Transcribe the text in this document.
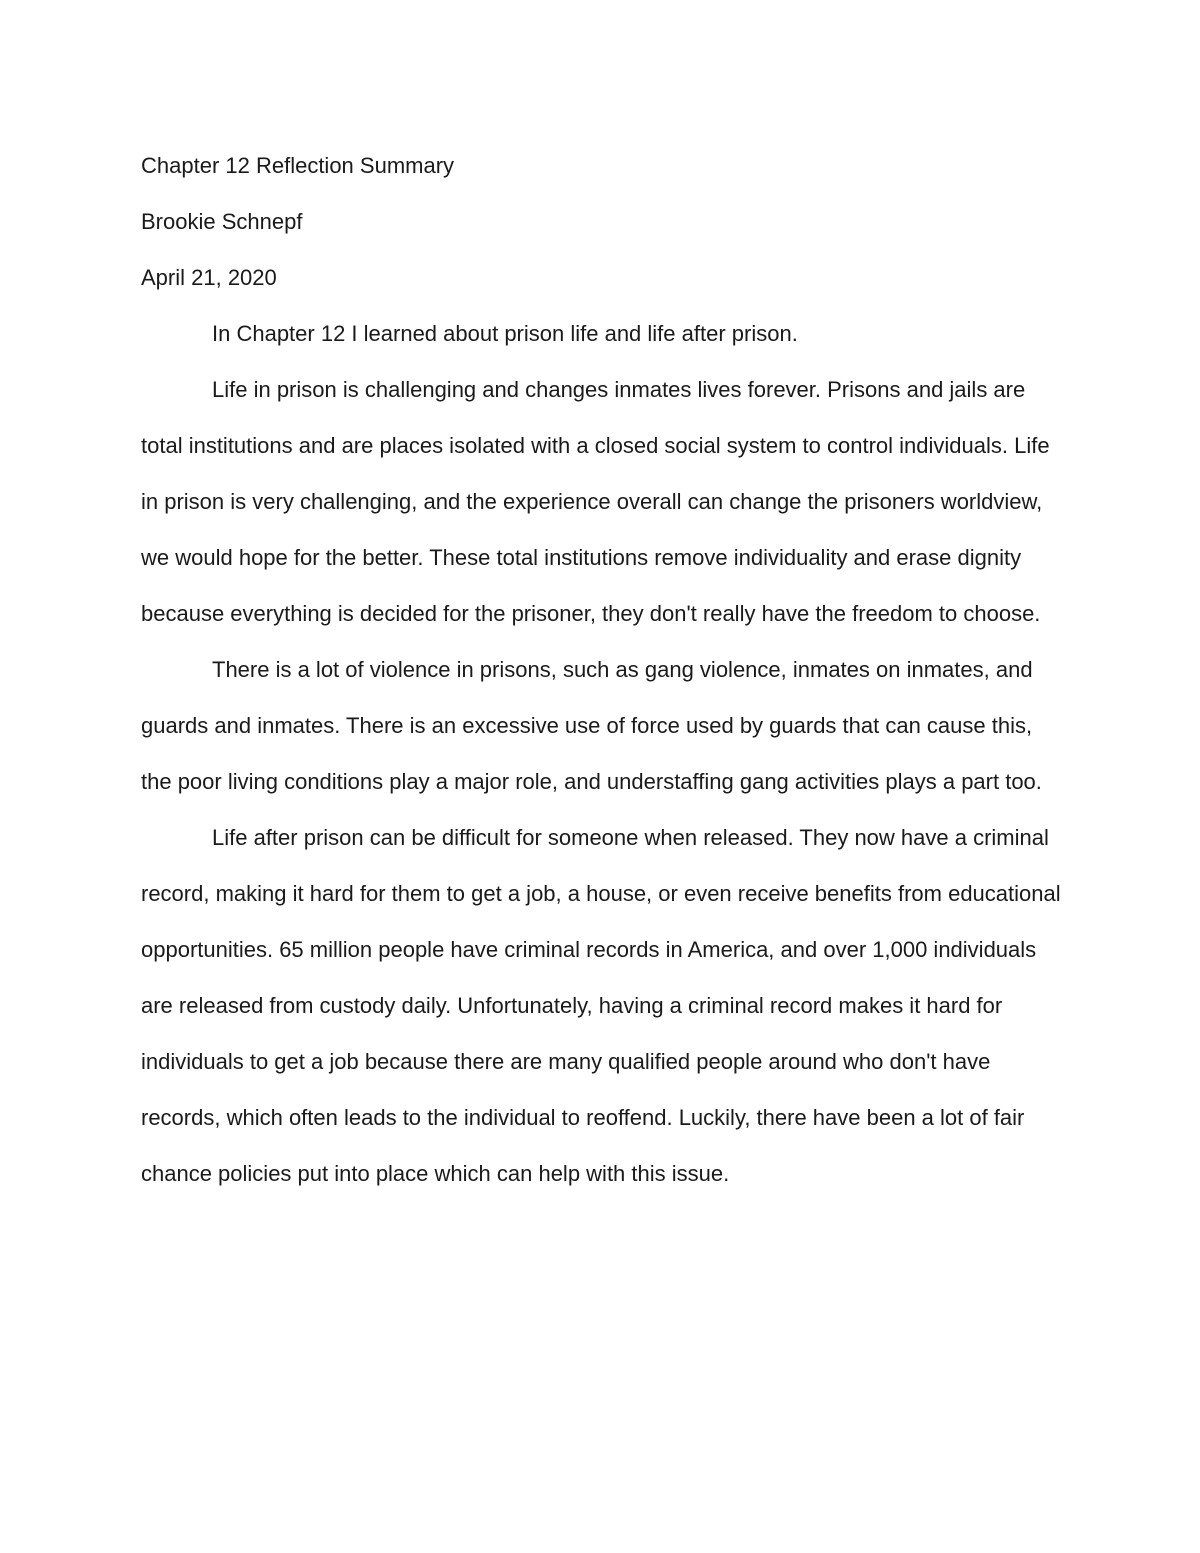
Chapter 12 Reflection Summary

Brookie Schnepf

April 21, 2020

In Chapter 12 I learned about prison life and life after prison.

Life in prison is challenging and changes inmates lives forever. Prisons and jails are total institutions and are places isolated with a closed social system to control individuals. Life in prison is very challenging, and the experience overall can change the prisoners worldview, we would hope for the better. These total institutions remove individuality and erase dignity because everything is decided for the prisoner, they don't really have the freedom to choose.

There is a lot of violence in prisons, such as gang violence, inmates on inmates, and guards and inmates. There is an excessive use of force used by guards that can cause this, the poor living conditions play a major role, and understaffing gang activities plays a part too.

Life after prison can be difficult for someone when released. They now have a criminal record, making it hard for them to get a job, a house, or even receive benefits from educational opportunities. 65 million people have criminal records in America, and over 1,000 individuals are released from custody daily. Unfortunately, having a criminal record makes it hard for individuals to get a job because there are many qualified people around who don't have records, which often leads to the individual to reoffend. Luckily, there have been a lot of fair chance policies put into place which can help with this issue.
